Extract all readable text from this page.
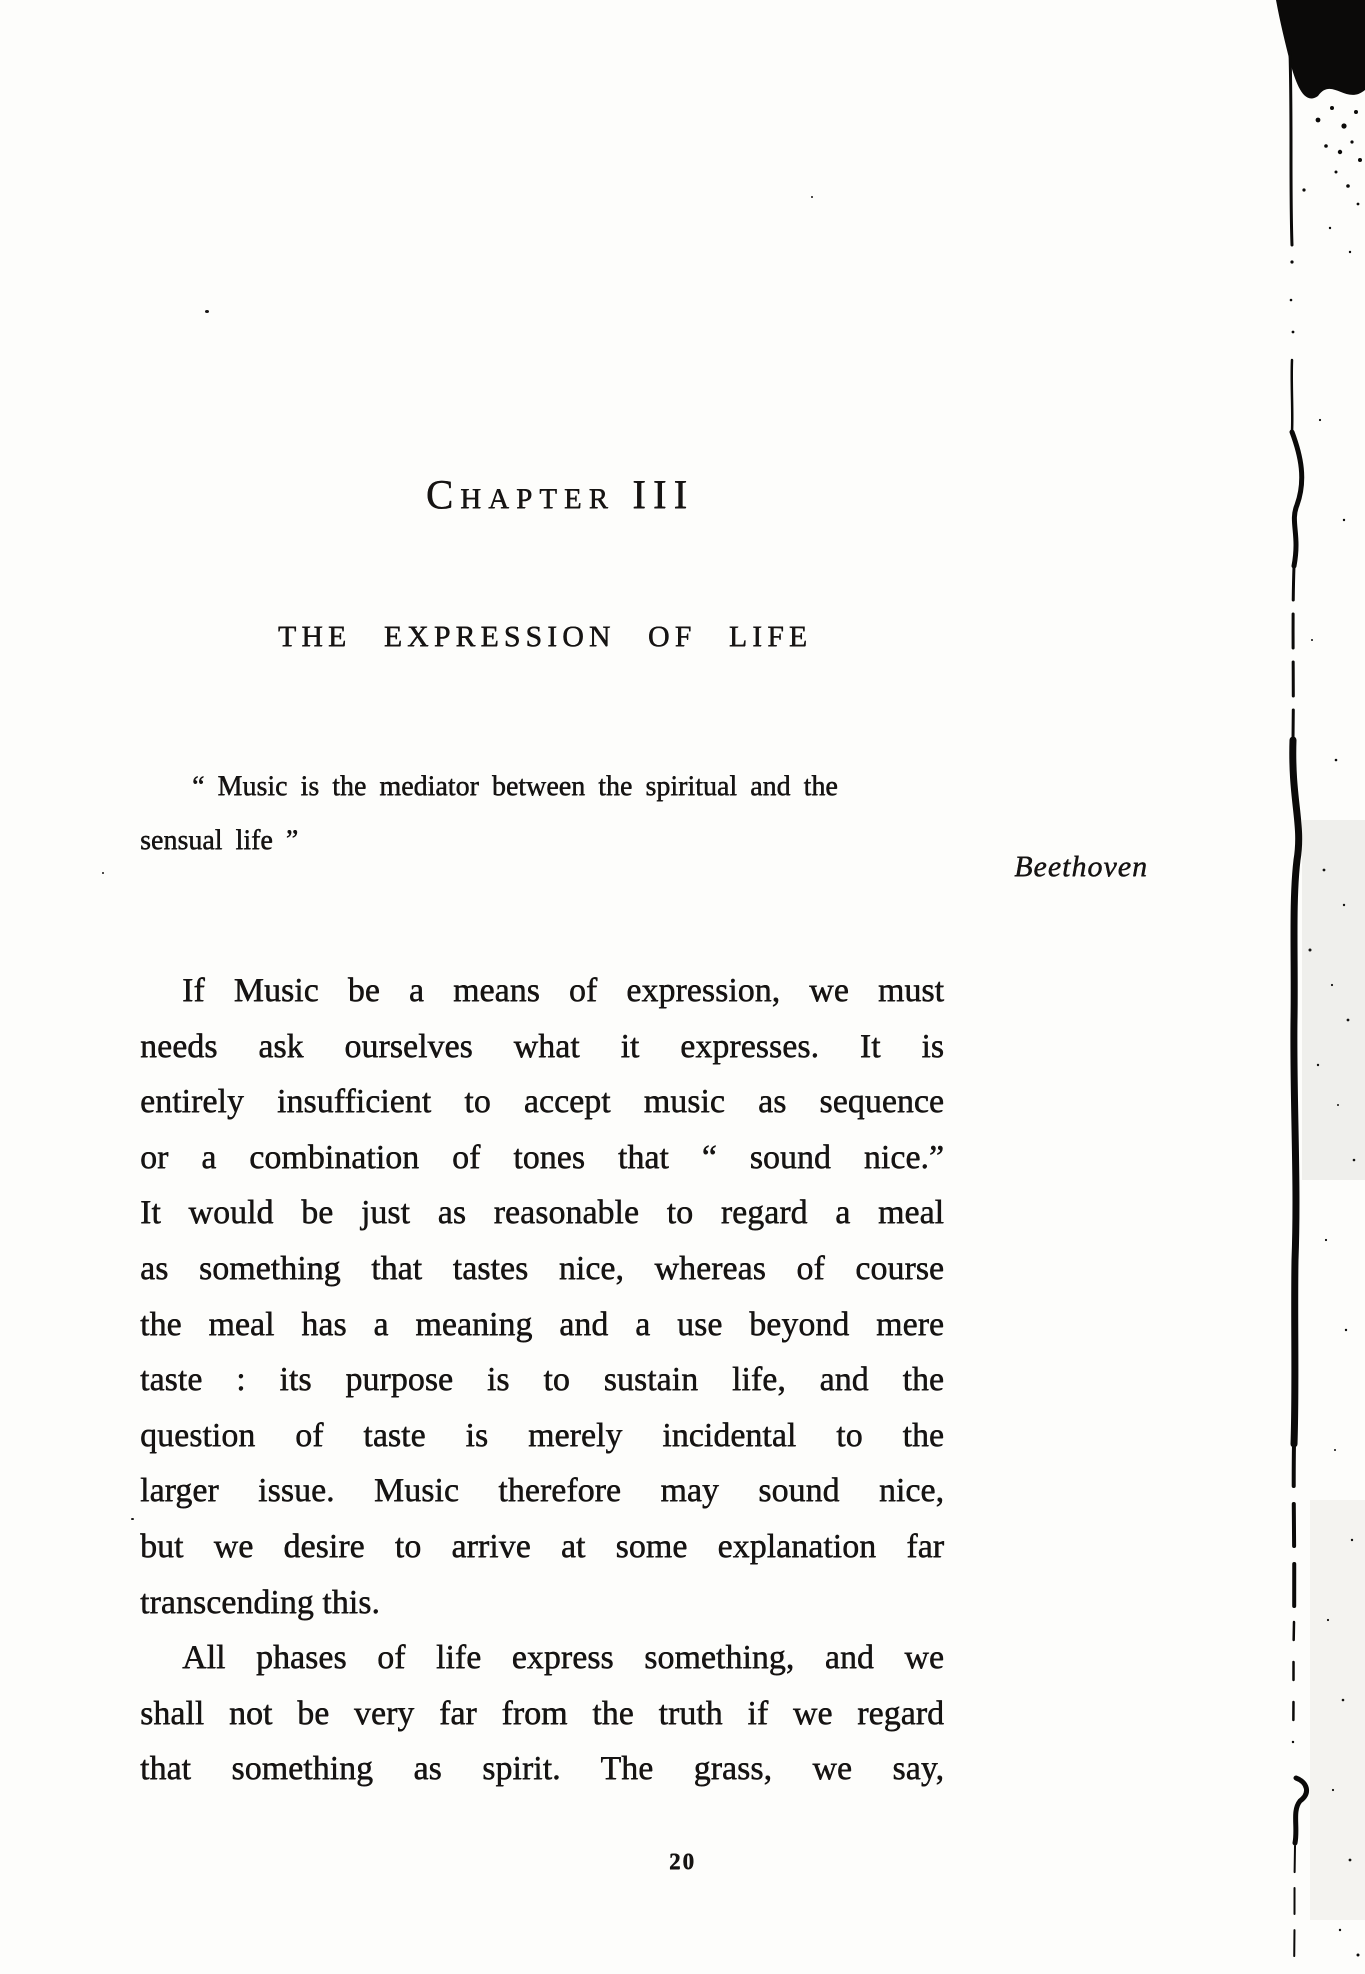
Chapter III
THE EXPRESSION OF LIFE
“ Music is the mediator between the spiritual and the
sensual life ”
Beethoven
If Music be a means of expression, we must
needs ask ourselves what it expresses. It is
entirely insufficient to accept music as sequence
or a combination of tones that “ sound nice.”
It would be just as reasonable to regard a meal
as something that tastes nice, whereas of course
the meal has a meaning and a use beyond mere
taste : its purpose is to sustain life, and the
question of taste is merely incidental to the
larger issue. Music therefore may sound nice,
but we desire to arrive at some explanation far
transcending this.
All phases of life express something, and we
shall not be very far from the truth if we regard
that something as spirit. The grass, we say,
20
